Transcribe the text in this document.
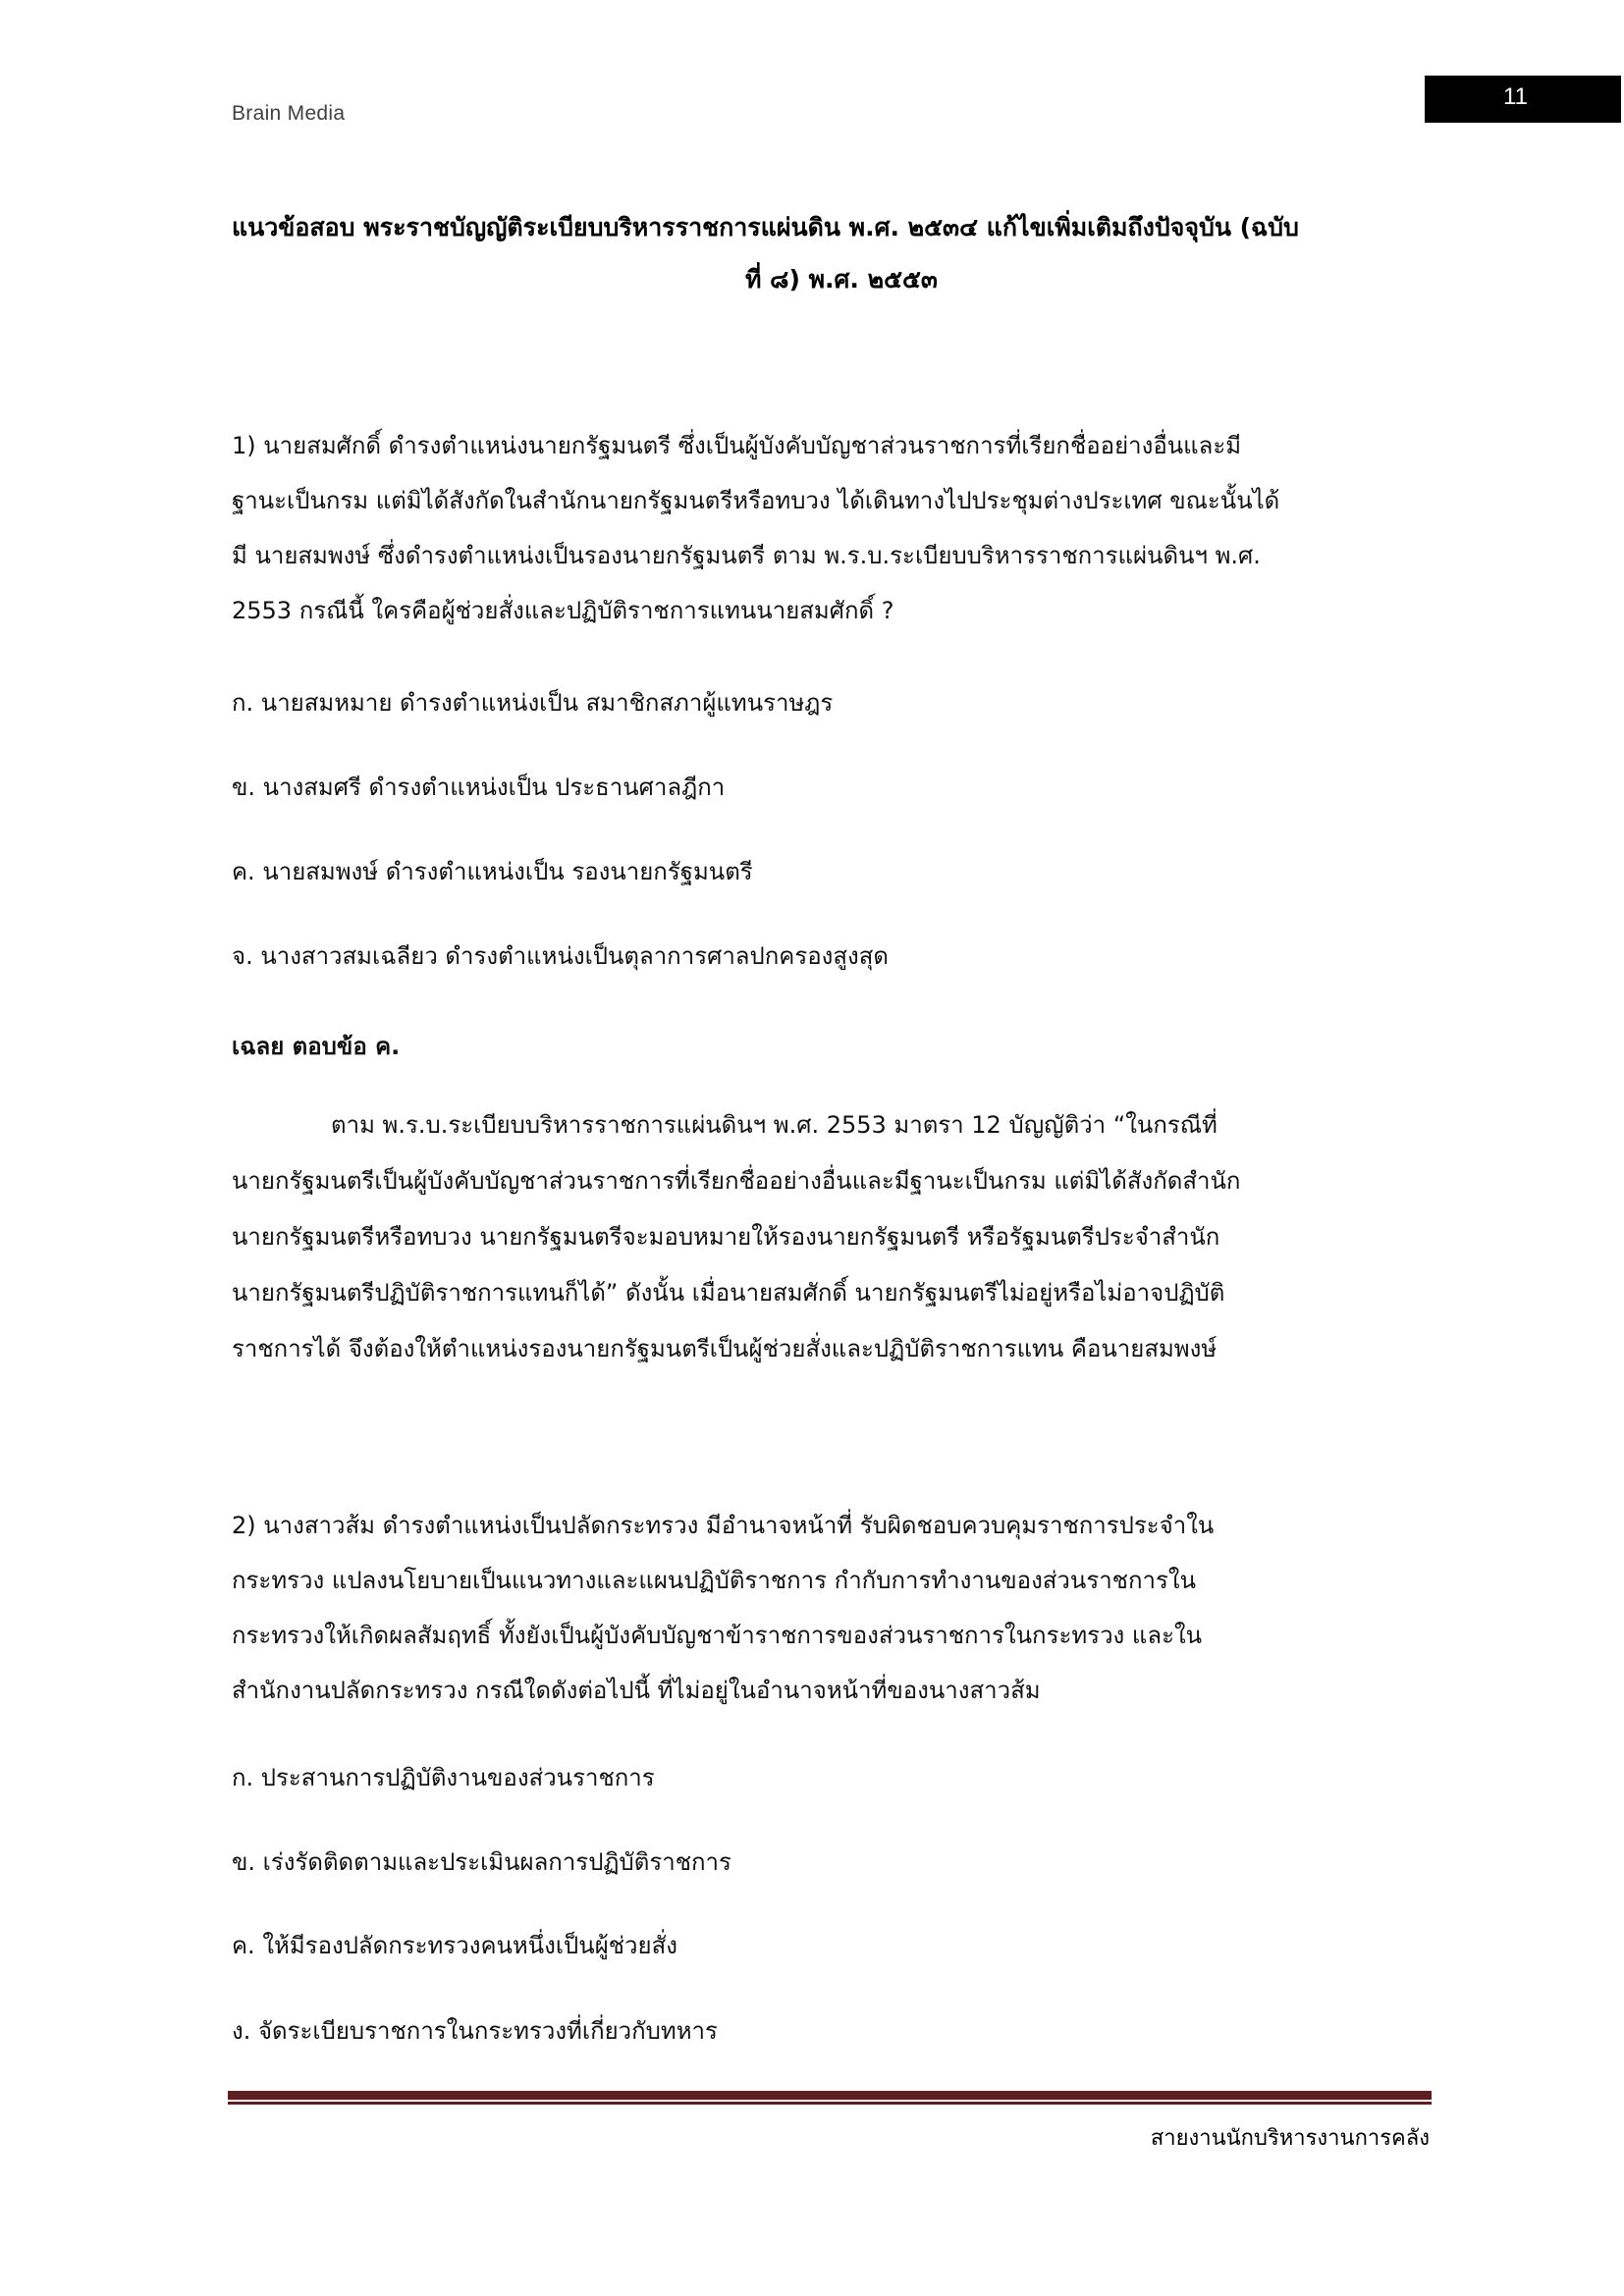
Brain Media
11
แนวข้อสอบ พระราชบัญญัติระเบียบบริหารราชการแผ่นดิน พ.ศ. ๒๕๓๔ แก้ไขเพิ่มเติมถึงปัจจุบัน (ฉบับ
ที่ ๘) พ.ศ. ๒๕๕๓
1) นายสมศักดิ์ ดำรงตำแหน่งนายกรัฐมนตรี ซึ่งเป็นผู้บังคับบัญชาส่วนราชการที่เรียกชื่ออย่างอื่นและมี
ฐานะเป็นกรม แต่มิได้สังกัดในสำนักนายกรัฐมนตรีหรือทบวง ได้เดินทางไปประชุมต่างประเทศ ขณะนั้นได้
มี นายสมพงษ์ ซึ่งดำรงตำแหน่งเป็นรองนายกรัฐมนตรี ตาม พ.ร.บ.ระเบียบบริหารราชการแผ่นดินฯ พ.ศ.
2553 กรณีนี้ ใครคือผู้ช่วยสั่งและปฏิบัติราชการแทนนายสมศักดิ์ ?
ก. นายสมหมาย ดำรงตำแหน่งเป็น สมาชิกสภาผู้แทนราษฎร
ข. นางสมศรี ดำรงตำแหน่งเป็น ประธานศาลฎีกา
ค. นายสมพงษ์ ดำรงตำแหน่งเป็น รองนายกรัฐมนตรี
จ. นางสาวสมเฉลียว ดำรงตำแหน่งเป็นตุลาการศาลปกครองสูงสุด
เฉลย ตอบข้อ ค.
ตาม พ.ร.บ.ระเบียบบริหารราชการแผ่นดินฯ พ.ศ. 2553 มาตรา 12 บัญญัติว่า “ในกรณีที่
นายกรัฐมนตรีเป็นผู้บังคับบัญชาส่วนราชการที่เรียกชื่ออย่างอื่นและมีฐานะเป็นกรม แต่มิได้สังกัดสำนัก
นายกรัฐมนตรีหรือทบวง นายกรัฐมนตรีจะมอบหมายให้รองนายกรัฐมนตรี หรือรัฐมนตรีประจำสำนัก
นายกรัฐมนตรีปฏิบัติราชการแทนก็ได้” ดังนั้น เมื่อนายสมศักดิ์ นายกรัฐมนตรีไม่อยู่หรือไม่อาจปฏิบัติ
ราชการได้ จึงต้องให้ตำแหน่งรองนายกรัฐมนตรีเป็นผู้ช่วยสั่งและปฏิบัติราชการแทน คือนายสมพงษ์
2) นางสาวส้ม ดำรงตำแหน่งเป็นปลัดกระทรวง มีอำนาจหน้าที่ รับผิดชอบควบคุมราชการประจำใน
กระทรวง แปลงนโยบายเป็นแนวทางและแผนปฏิบัติราชการ กำกับการทำงานของส่วนราชการใน
กระทรวงให้เกิดผลสัมฤทธิ์ ทั้งยังเป็นผู้บังคับบัญชาข้าราชการของส่วนราชการในกระทรวง และใน
สำนักงานปลัดกระทรวง กรณีใดดังต่อไปนี้ ที่ไม่อยู่ในอำนาจหน้าที่ของนางสาวส้ม
ก. ประสานการปฏิบัติงานของส่วนราชการ
ข. เร่งรัดติดตามและประเมินผลการปฏิบัติราชการ
ค. ให้มีรองปลัดกระทรวงคนหนึ่งเป็นผู้ช่วยสั่ง
ง. จัดระเบียบราชการในกระทรวงที่เกี่ยวกับทหาร
สายงานนักบริหารงานการคลัง
